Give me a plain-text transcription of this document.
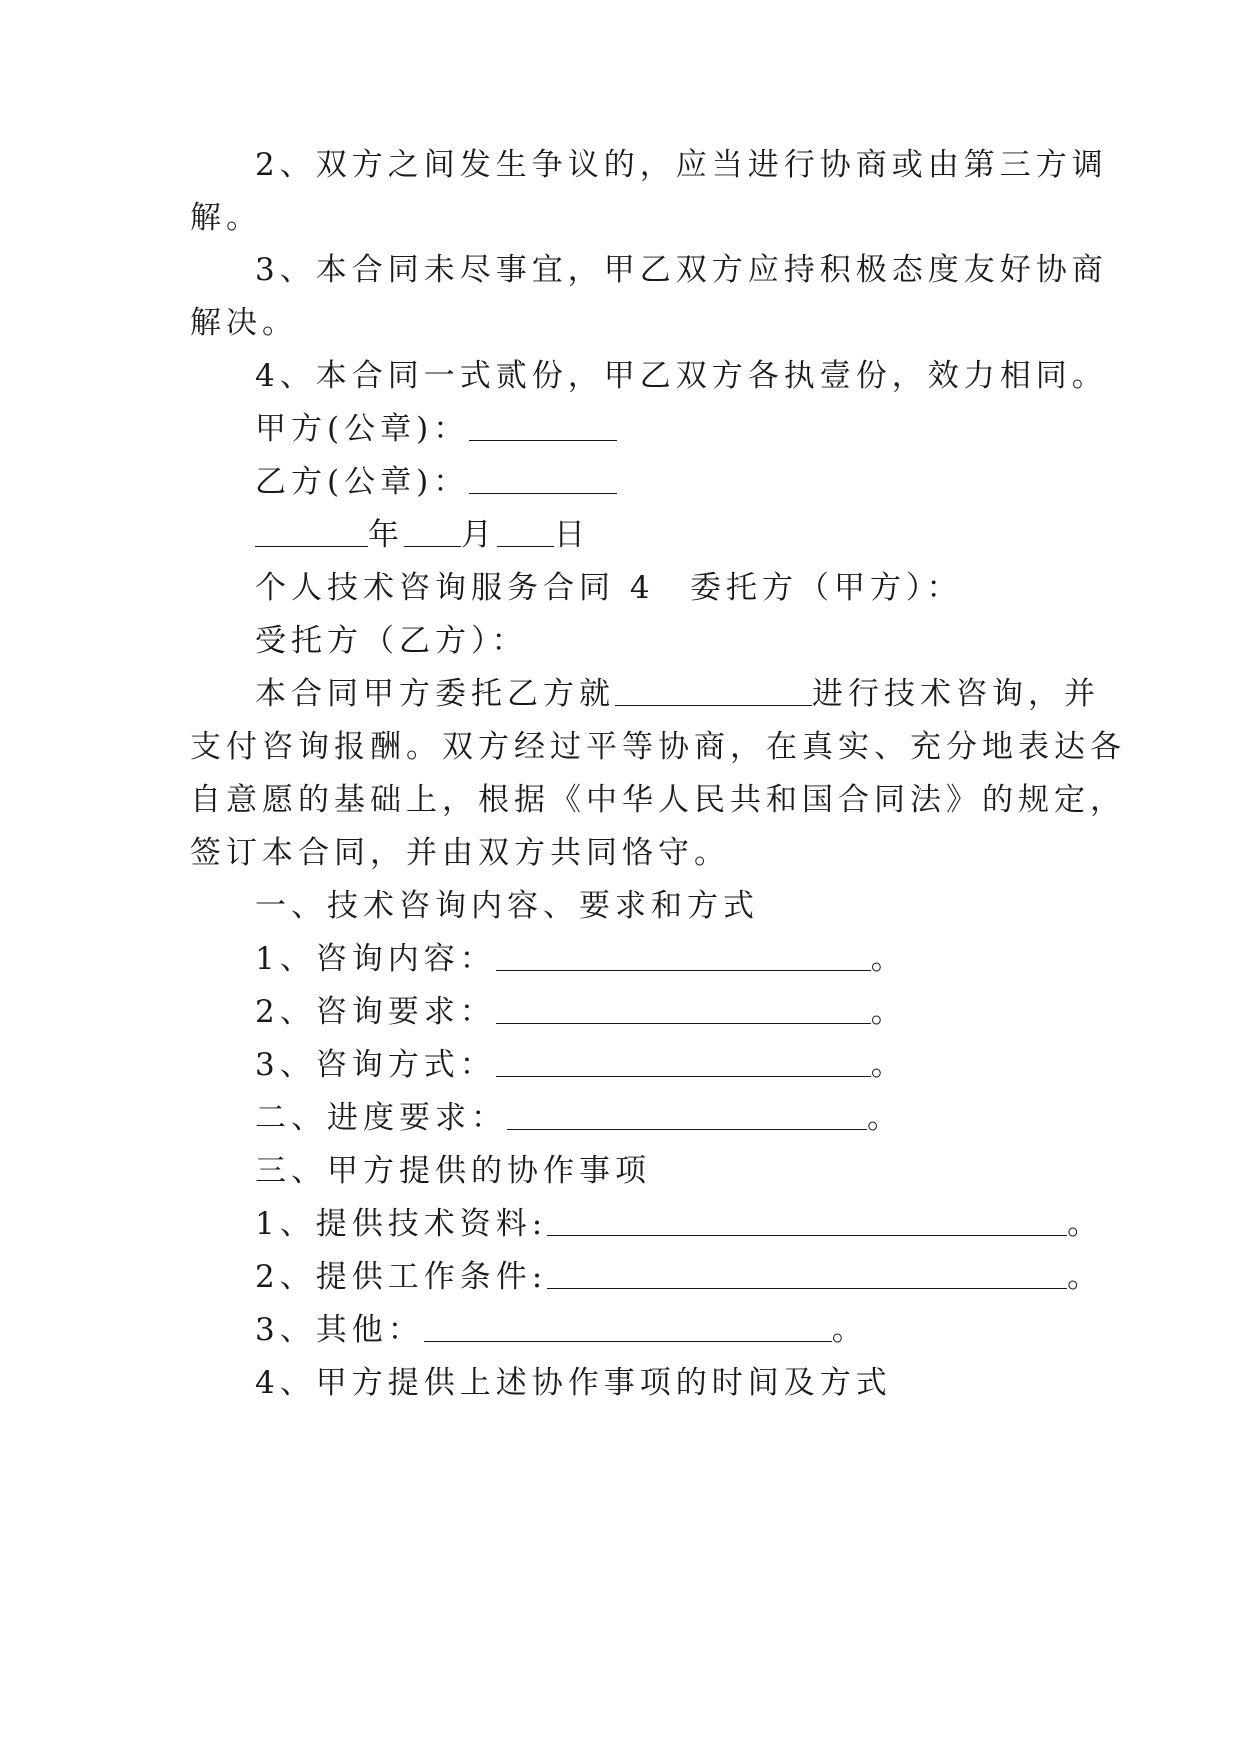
2、双方之间发生争议的，应当进行协商或由第三方调
解。
3、本合同未尽事宜，甲乙双方应持积极态度友好协商
解决。
4、本合同一式贰份，甲乙双方各执壹份，效力相同。
甲方(公章)：
乙方(公章)：
年 月 日
个人技术咨询服务合同 4 委托方（甲方）：
受托方（乙方）：
本合同甲方委托乙方就	进行技术咨询，并
支付咨询报酬。双方经过平等协商，在真实、充分地表达各
自意愿的基础上，根据《中华人民共和国合同法》的规定，
签订本合同，并由双方共同恪守。
一、技术咨询内容、要求和方式
1、咨询内容：	。
2、咨询要求：	。
3、咨询方式：	。
二、进度要求：	。
三、甲方提供的协作事项
1、提供技术资料:	。
2、提供工作条件:	。
3、其他：	。
4、甲方提供上述协作事项的时间及方式
